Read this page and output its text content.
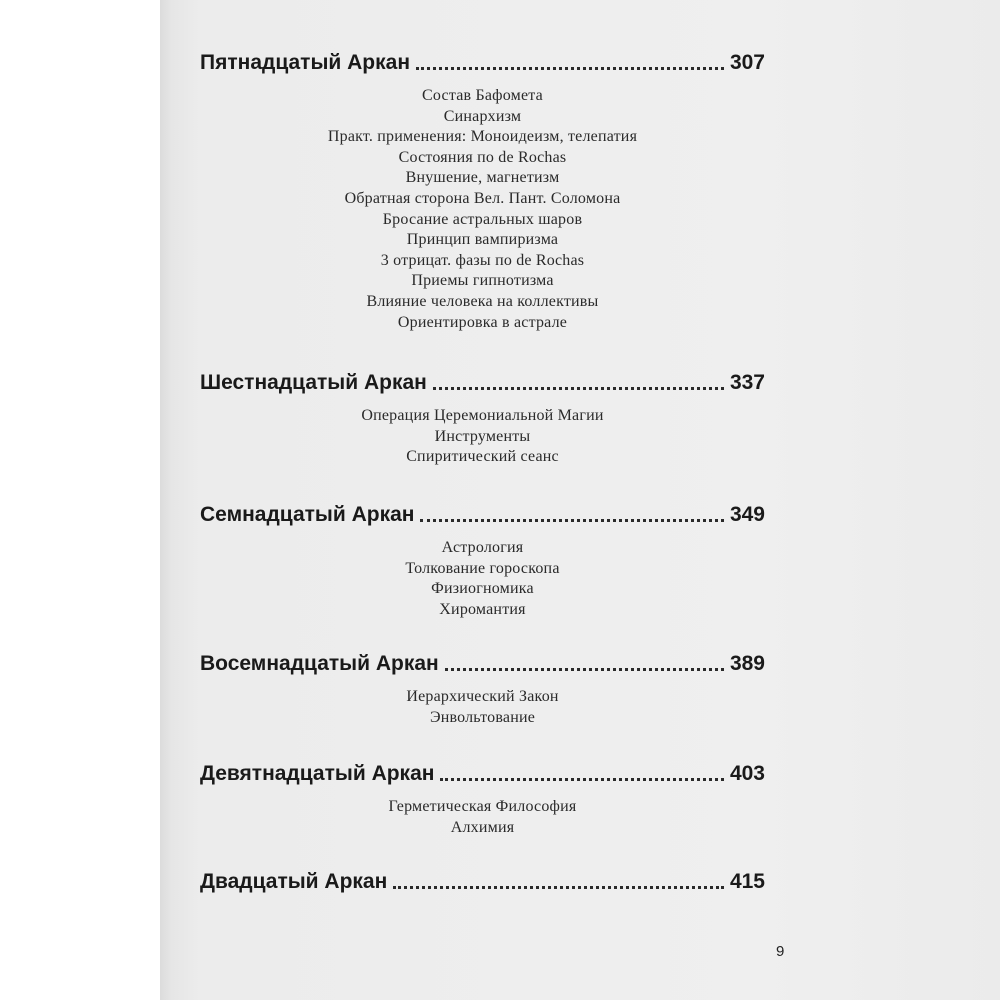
Пятнадцатый Аркан	307
Состав Бафомета
Синархизм
Практ. применения: Моноидеизм, телепатия
Состояния по de Rochas
Внушение, магнетизм
Обратная сторона Вел. Пант. Соломона
Бросание астральных шаров
Принцип вампиризма
3 отрицат. фазы по de Rochas
Приемы гипнотизма
Влияние человека на коллективы
Ориентировка в астрале
Шестнадцатый Аркан	337
Операция Церемониальной Магии
Инструменты
Спиритический сеанс
Семнадцатый Аркан	349
Астрология
Толкование гороскопа
Физиогномика
Хиромантия
Восемнадцатый Аркан	389
Иерархический Закон
Энвольтование
Девятнадцатый Аркан	403
Герметическая Философия
Алхимия
Двадцатый Аркан	415
9
